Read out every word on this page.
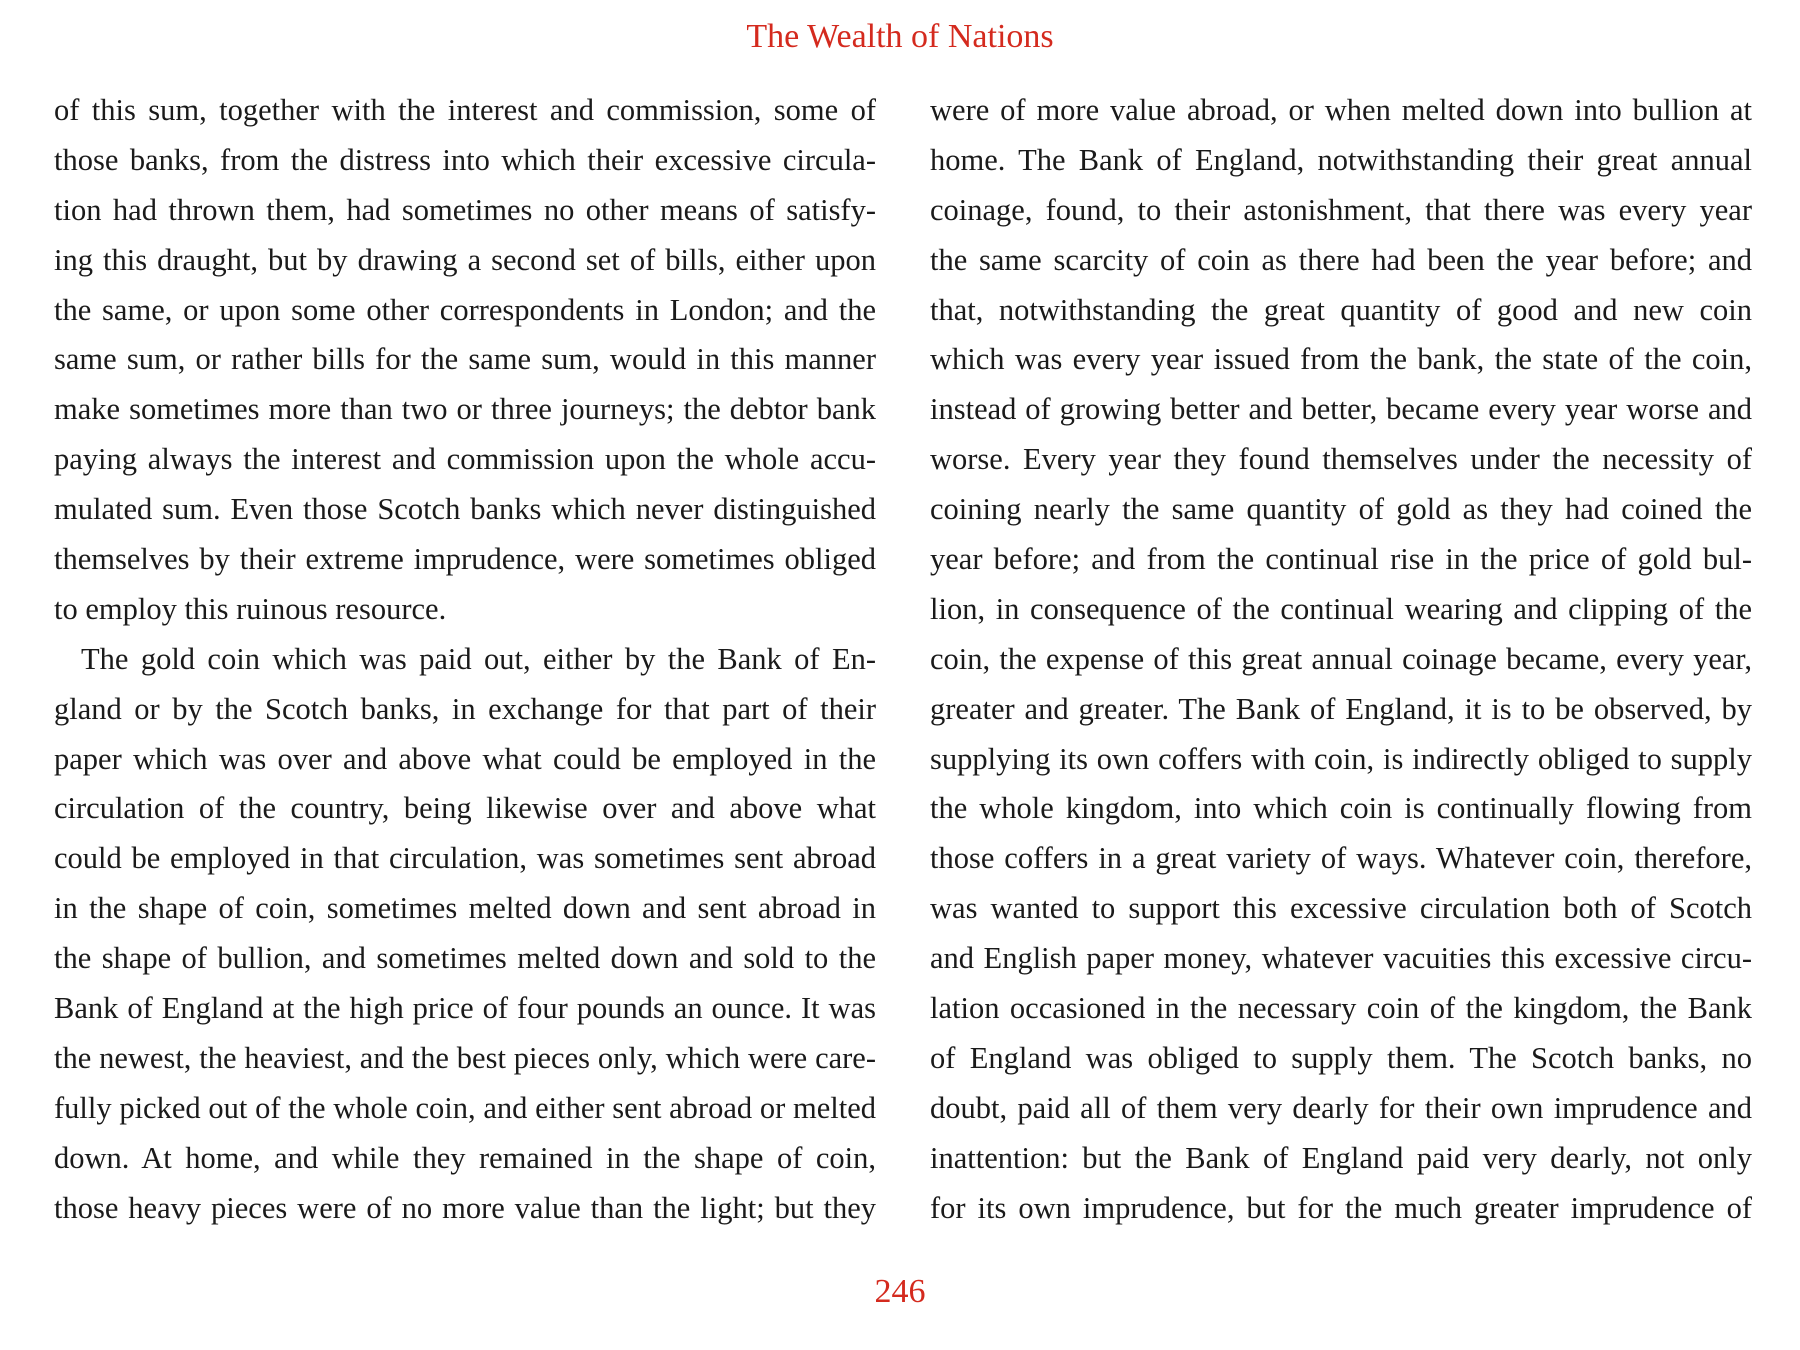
The Wealth of Nations
of this sum, together with the interest and commission, some of
those banks, from the distress into which their excessive circula-
tion had thrown them, had sometimes no other means of satisfy-
ing this draught, but by drawing a second set of bills, either upon
the same, or upon some other correspondents in London; and the
same sum, or rather bills for the same sum, would in this manner
make sometimes more than two or three journeys; the debtor bank
paying always the interest and commission upon the whole accu-
mulated sum. Even those Scotch banks which never distinguished
themselves by their extreme imprudence, were sometimes obliged
to employ this ruinous resource.
The gold coin which was paid out, either by the Bank of En-
gland or by the Scotch banks, in exchange for that part of their
paper which was over and above what could be employed in the
circulation of the country, being likewise over and above what
could be employed in that circulation, was sometimes sent abroad
in the shape of coin, sometimes melted down and sent abroad in
the shape of bullion, and sometimes melted down and sold to the
Bank of England at the high price of four pounds an ounce. It was
the newest, the heaviest, and the best pieces only, which were care-
fully picked out of the whole coin, and either sent abroad or melted
down. At home, and while they remained in the shape of coin,
those heavy pieces were of no more value than the light; but they
were of more value abroad, or when melted down into bullion at
home. The Bank of England, notwithstanding their great annual
coinage, found, to their astonishment, that there was every year
the same scarcity of coin as there had been the year before; and
that, notwithstanding the great quantity of good and new coin
which was every year issued from the bank, the state of the coin,
instead of growing better and better, became every year worse and
worse. Every year they found themselves under the necessity of
coining nearly the same quantity of gold as they had coined the
year before; and from the continual rise in the price of gold bul-
lion, in consequence of the continual wearing and clipping of the
coin, the expense of this great annual coinage became, every year,
greater and greater. The Bank of England, it is to be observed, by
supplying its own coffers with coin, is indirectly obliged to supply
the whole kingdom, into which coin is continually flowing from
those coffers in a great variety of ways. Whatever coin, therefore,
was wanted to support this excessive circulation both of Scotch
and English paper money, whatever vacuities this excessive circu-
lation occasioned in the necessary coin of the kingdom, the Bank
of England was obliged to supply them. The Scotch banks, no
doubt, paid all of them very dearly for their own imprudence and
inattention: but the Bank of England paid very dearly, not only
for its own imprudence, but for the much greater imprudence of
246
